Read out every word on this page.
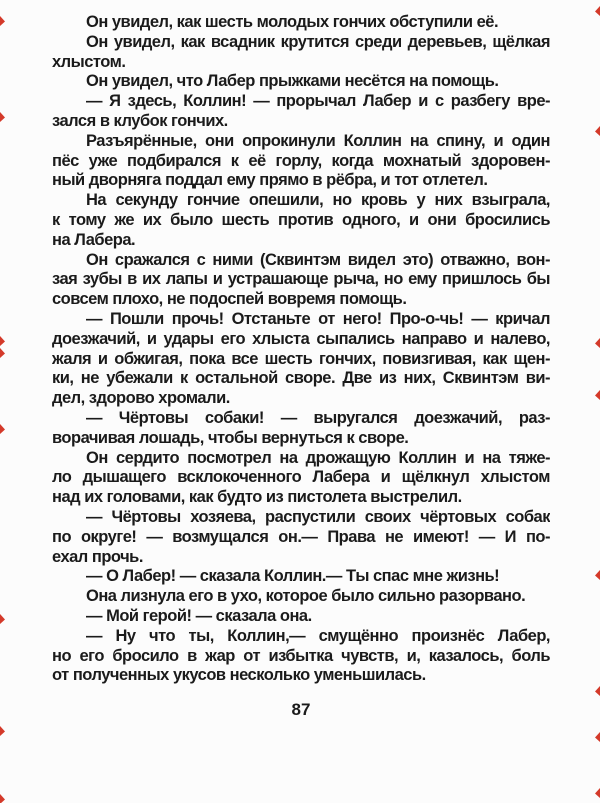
Он увидел, как шесть молодых гончих обступили её.
Он увидел, как всадник крутится среди деревьев, щёлкая
хлыстом.
Он увидел, что Лабер прыжками несётся на помощь.
— Я здесь, Коллин! — прорычал Лабер и с разбегу вре-
зался в клубок гончих.
Разъярённые, они опрокинули Коллин на спину, и один
пёс уже подбирался к её горлу, когда мохнатый здоровен-
ный дворняга поддал ему прямо в рёбра, и тот отлетел.
На секунду гончие опешили, но кровь у них взыграла,
к тому же их было шесть против одного, и они бросились
на Лабера.
Он сражался с ними (Сквинтэм видел это) отважно, вон-
зая зубы в их лапы и устрашающе рыча, но ему пришлось бы
совсем плохо, не подоспей вовремя помощь.
— Пошли прочь! Отстаньте от него! Про-о-чь! — кричал
доезжачий, и удары его хлыста сыпались направо и налево,
жаля и обжигая, пока все шесть гончих, повизгивая, как щен-
ки, не убежали к остальной своре. Две из них, Сквинтэм ви-
дел, здорово хромали.
— Чёртовы собаки! — выругался доезжачий, раз-
ворачивая лошадь, чтобы вернуться к своре.
Он сердито посмотрел на дрожащую Коллин и на тяже-
ло дышащего всклокоченного Лабера и щёлкнул хлыстом
над их головами, как будто из пистолета выстрелил.
— Чёртовы хозяева, распустили своих чёртовых собак
по округе! — возмущался он.— Права не имеют! — И по-
ехал прочь.
— О Лабер! — сказала Коллин.— Ты спас мне жизнь!
Она лизнула его в ухо, которое было сильно разорвано.
— Мой герой! — сказала она.
— Ну что ты, Коллин,— смущённо произнёс Лабер,
но его бросило в жар от избытка чувств, и, казалось, боль
от полученных укусов несколько уменьшилась.
87
